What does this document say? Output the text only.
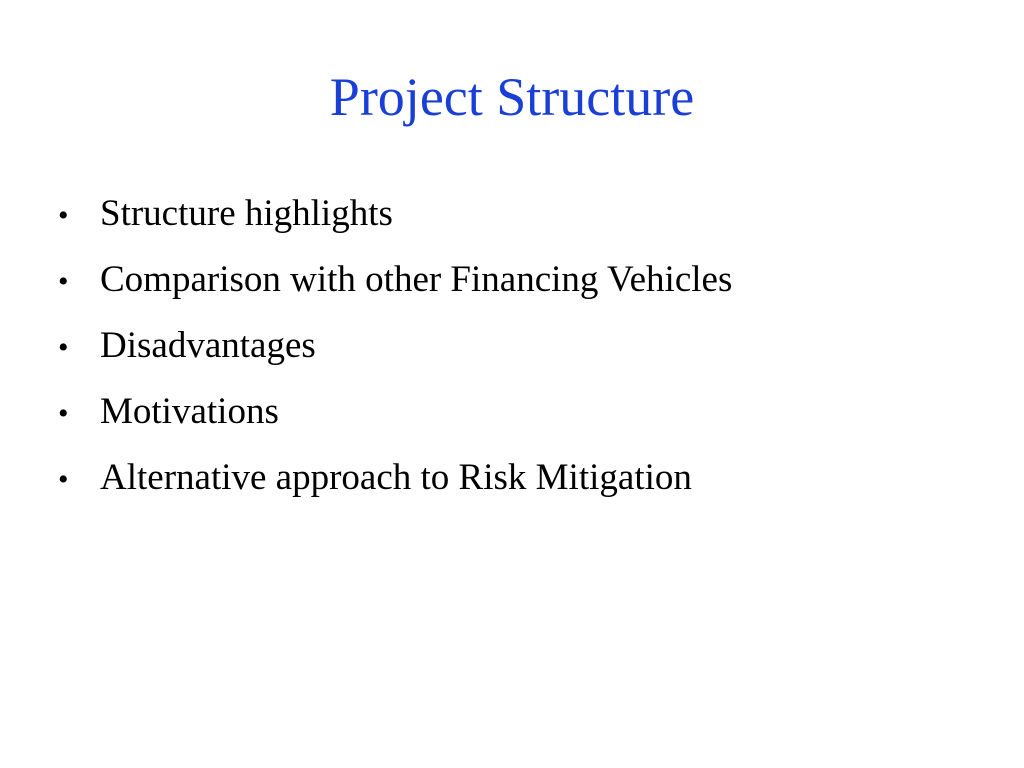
Project Structure
• Structure highlights
• Comparison with other Financing Vehicles
• Disadvantages
• Motivations
• Alternative approach to Risk Mitigation
